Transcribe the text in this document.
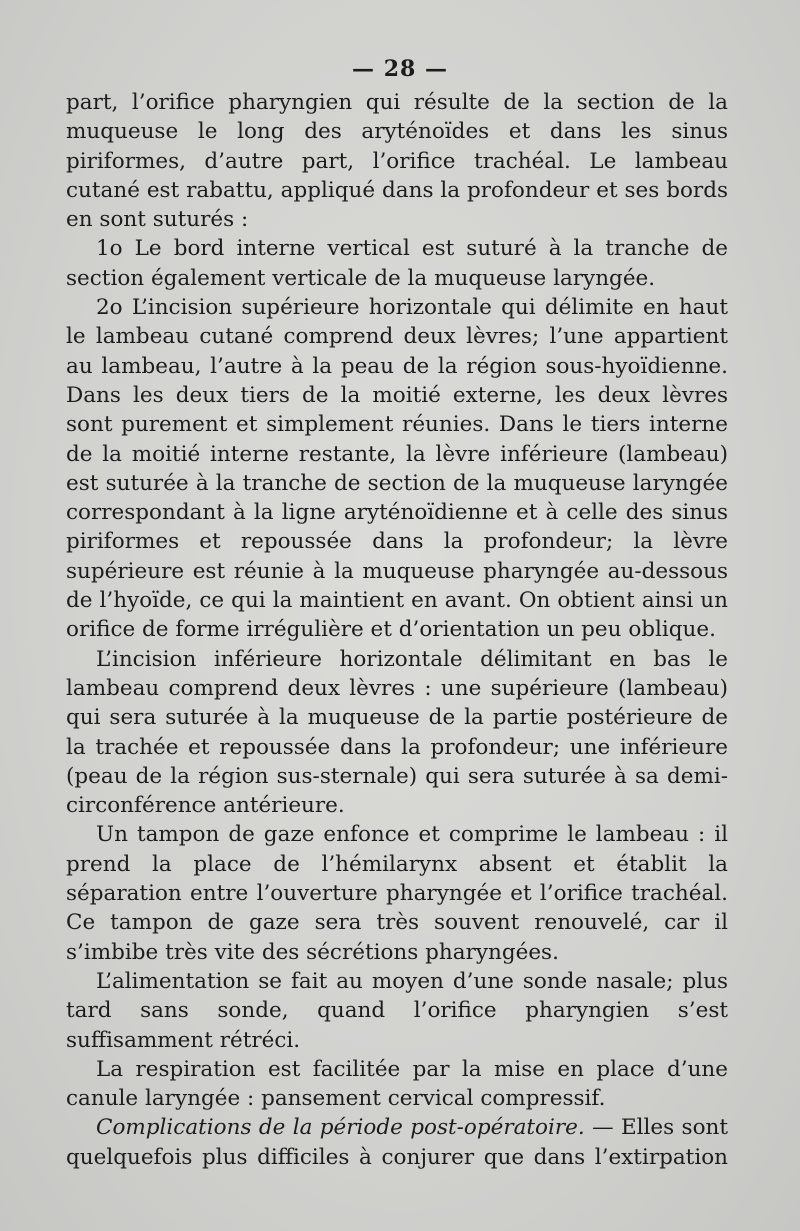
— 28 —

part, l’orifice pharyngien qui résulte de la section de la muqueuse le long des aryténoïdes et dans les sinus piriformes, d’autre part, l’orifice trachéal. Le lambeau cutané est rabattu, appliqué dans la profondeur et ses bords en sont suturés :

1o Le bord interne vertical est suturé à la tranche de section également verticale de la muqueuse laryngée.

2o L’incision supérieure horizontale qui délimite en haut le lambeau cutané comprend deux lèvres; l’une appartient au lambeau, l’autre à la peau de la région sous-hyoïdienne. Dans les deux tiers de la moitié externe, les deux lèvres sont purement et simplement réunies. Dans le tiers interne de la moitié interne restante, la lèvre inférieure (lambeau) est suturée à la tranche de section de la muqueuse laryngée correspondant à la ligne aryténoïdienne et à celle des sinus piriformes et repoussée dans la profondeur; la lèvre supérieure est réunie à la muqueuse pharyngée au-dessous de l’hyoïde, ce qui la maintient en avant. On obtient ainsi un orifice de forme irrégulière et d’orientation un peu oblique.

L’incision inférieure horizontale délimitant en bas le lambeau comprend deux lèvres : une supérieure (lambeau) qui sera suturée à la muqueuse de la partie postérieure de la trachée et repoussée dans la profondeur; une inférieure (peau de la région sus-sternale) qui sera suturée à sa demi-circonférence antérieure.

Un tampon de gaze enfonce et comprime le lambeau : il prend la place de l’hémilarynx absent et établit la séparation entre l’ouverture pharyngée et l’orifice trachéal. Ce tampon de gaze sera très souvent renouvelé, car il s’imbibe très vite des sécrétions pharyngées.

L’alimentation se fait au moyen d’une sonde nasale; plus tard sans sonde, quand l’orifice pharyngien s’est suffisamment rétréci.

La respiration est facilitée par la mise en place d’une canule laryngée : pansement cervical compressif.

Complications de la période post-opératoire. — Elles sont quelquefois plus difficiles à conjurer que dans l’extirpation
